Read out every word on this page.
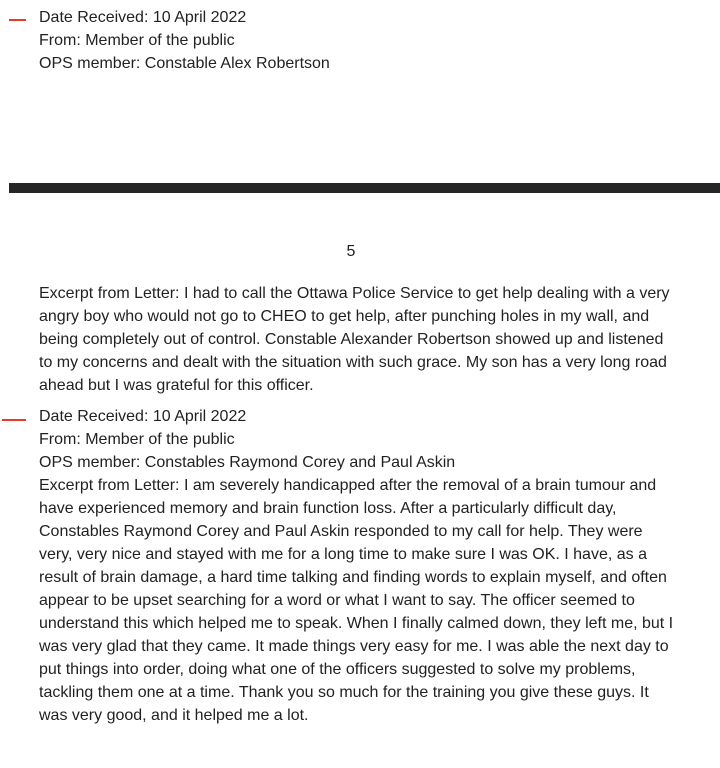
Date Received: 10 April 2022
From: Member of the public
OPS member: Constable Alex Robertson
5
Excerpt from Letter: I had to call the Ottawa Police Service to get help dealing with a very angry boy who would not go to CHEO to get help, after punching holes in my wall, and being completely out of control. Constable Alexander Robertson showed up and listened to my concerns and dealt with the situation with such grace. My son has a very long road ahead but I was grateful for this officer.
Date Received: 10 April 2022
From: Member of the public
OPS member: Constables Raymond Corey and Paul Askin
Excerpt from Letter: I am severely handicapped after the removal of a brain tumour and have experienced memory and brain function loss. After a particularly difficult day, Constables Raymond Corey and Paul Askin responded to my call for help. They were very, very nice and stayed with me for a long time to make sure I was OK. I have, as a result of brain damage, a hard time talking and finding words to explain myself, and often appear to be upset searching for a word or what I want to say. The officer seemed to understand this which helped me to speak. When I finally calmed down, they left me, but I was very glad that they came. It made things very easy for me. I was able the next day to put things into order, doing what one of the officers suggested to solve my problems, tackling them one at a time. Thank you so much for the training you give these guys. It was very good, and it helped me a lot.
